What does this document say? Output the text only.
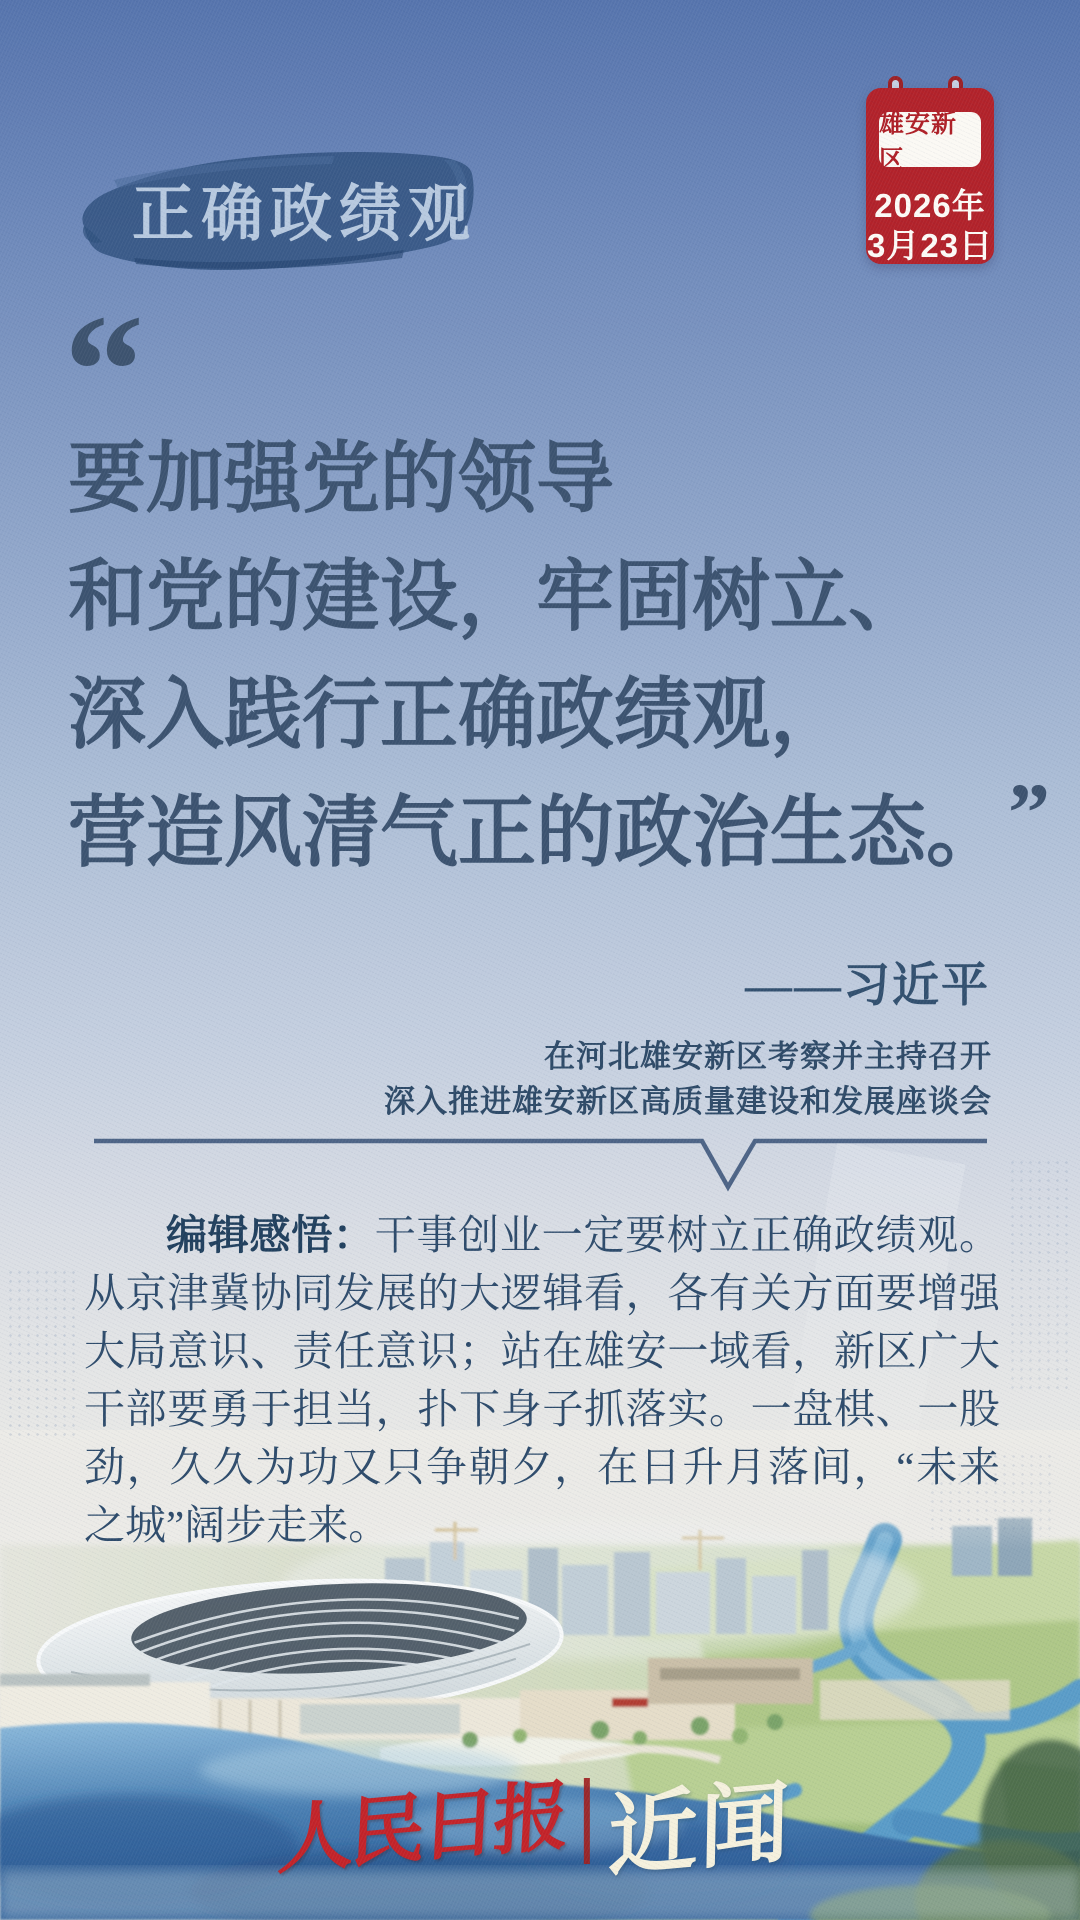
正确政绩观
雄安新区
2026年
3月23日
“
要加强党的领导
和党的建设，牢固树立、
深入践行正确政绩观，
营造风清气正的政治生态。”
——习近平
在河北雄安新区考察并主持召开
深入推进雄安新区高质量建设和发展座谈会

编辑感悟：干事创业一定要树立正确政绩观。从京津冀协同发展的大逻辑看，各有关方面要增强大局意识、责任意识；站在雄安一域看，新区广大干部要勇于担当，扑下身子抓落实。一盘棋、一股劲，久久为功又只争朝夕，在日升月落间，“未来之城”阔步走来。

人民日报 近闻
